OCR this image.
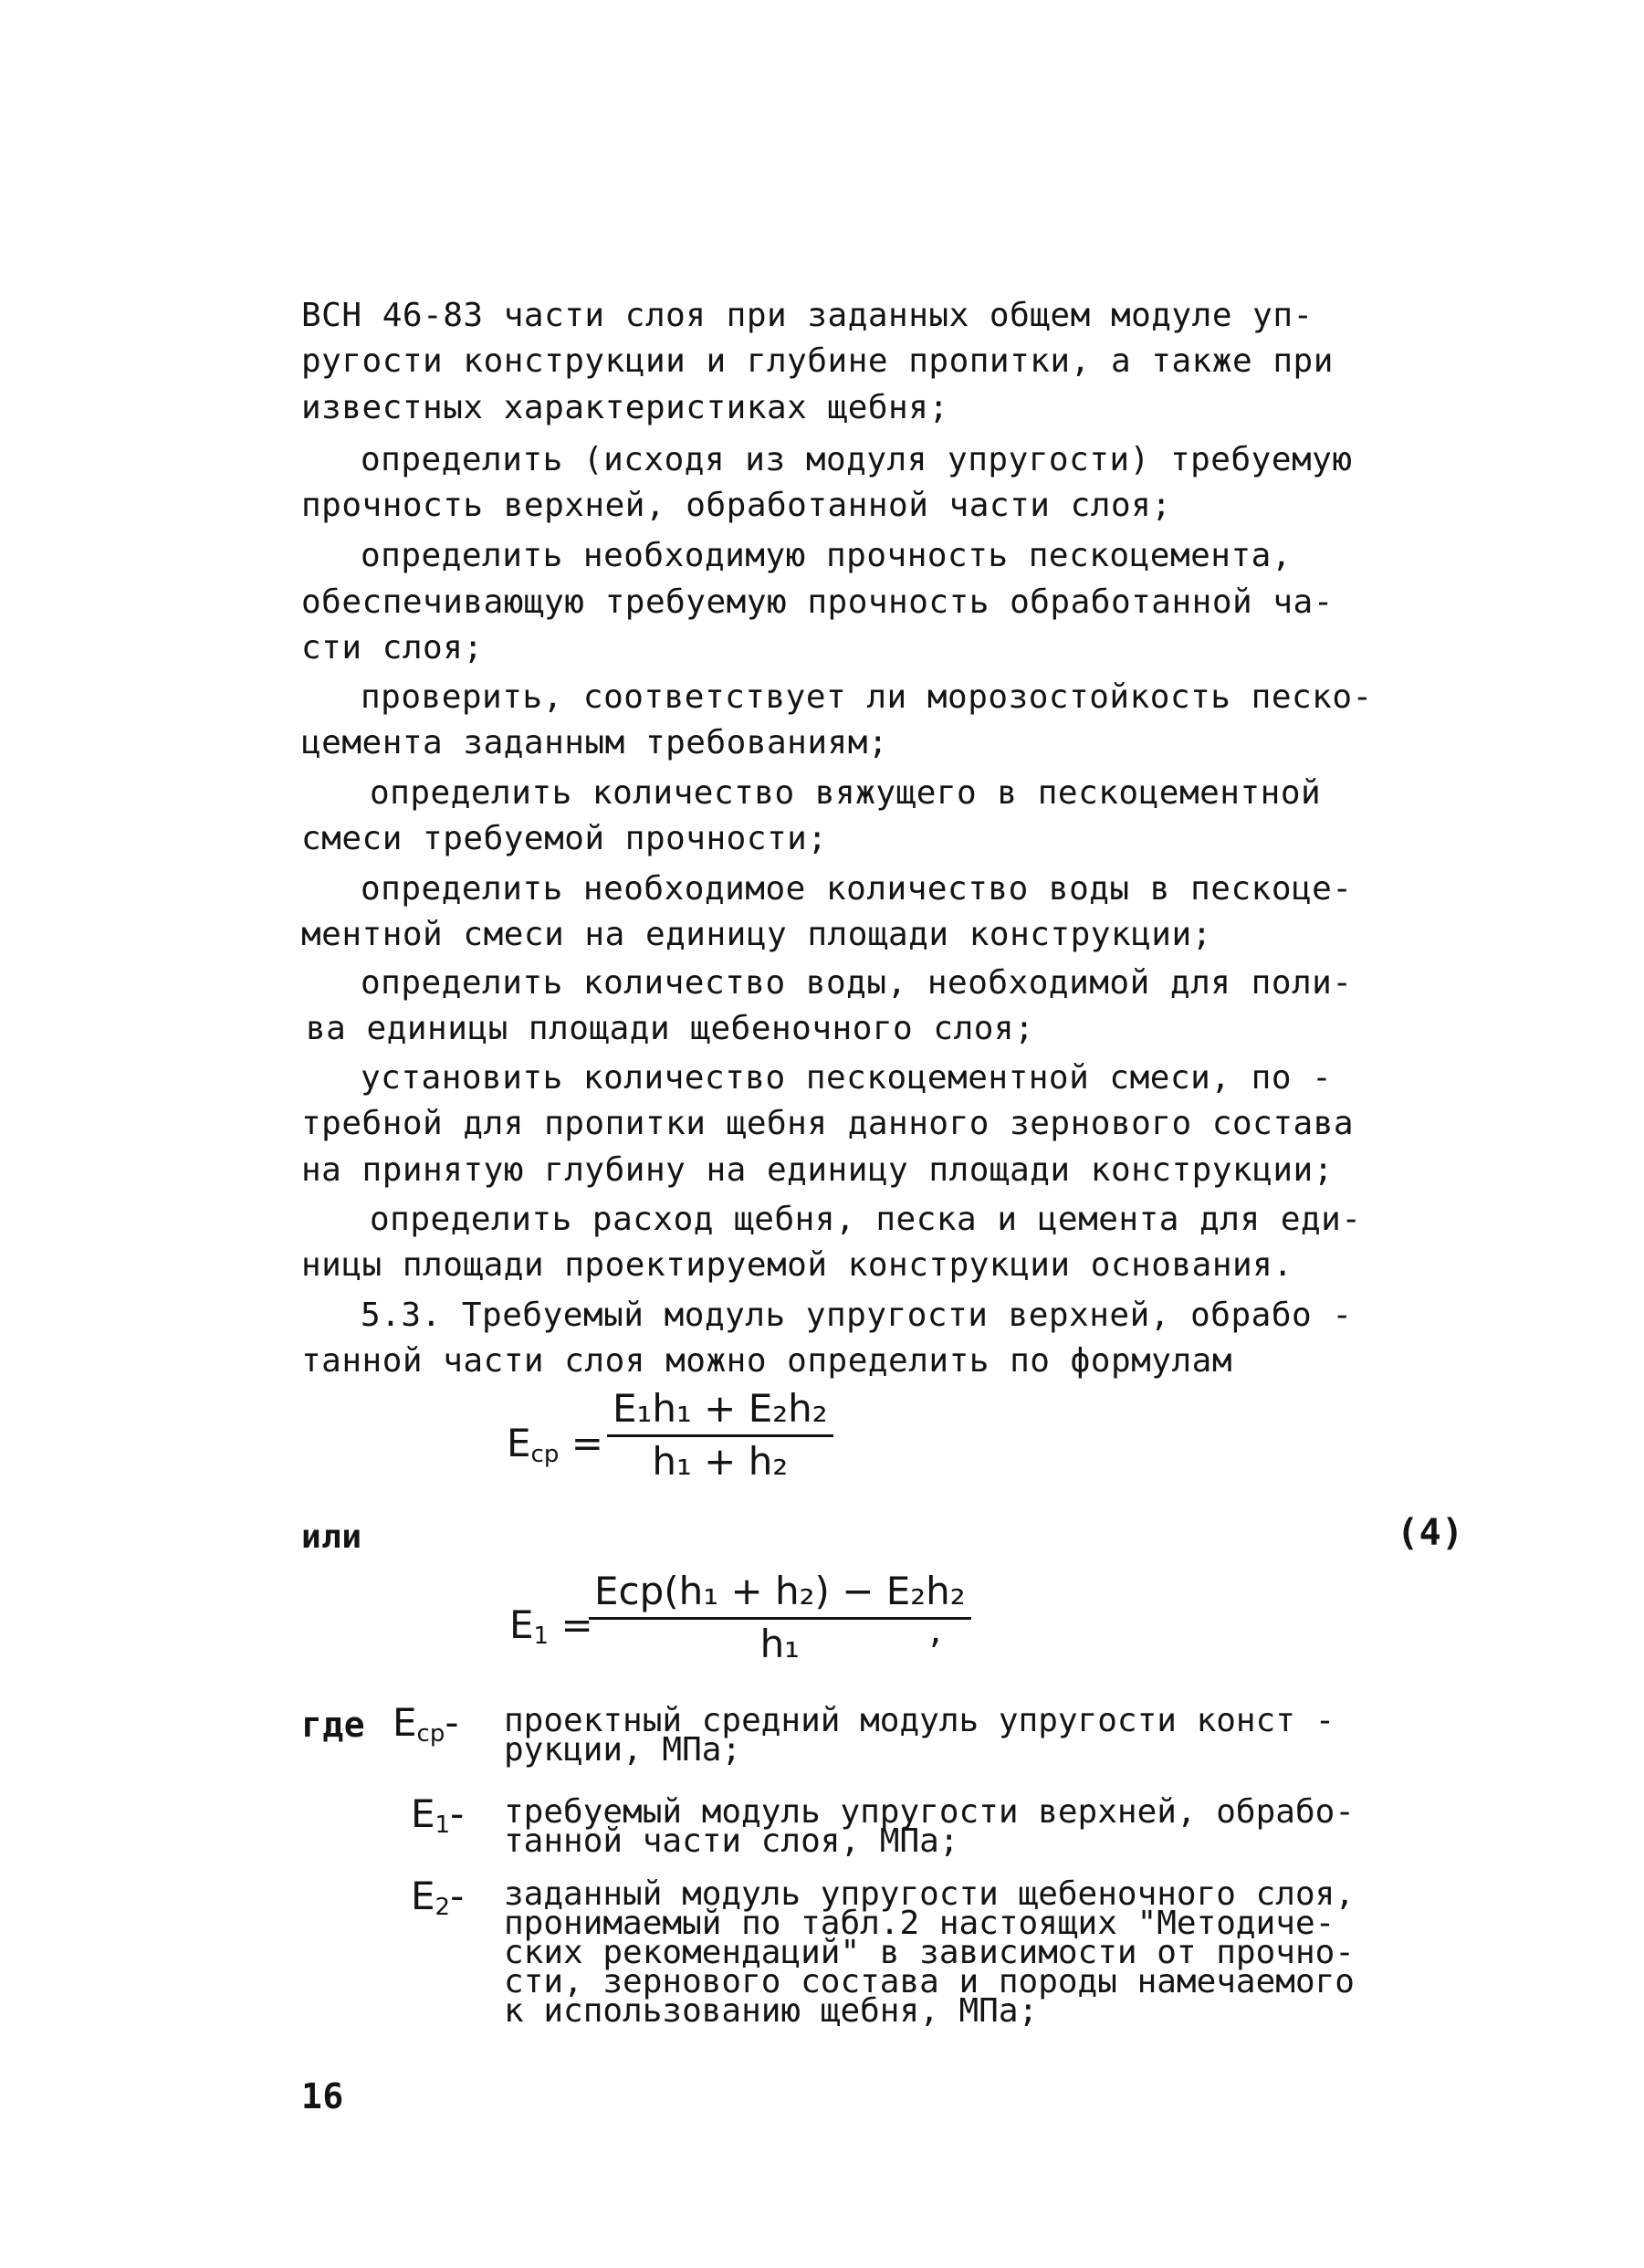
ВСН 46-83 части слоя при заданных общем модуле уп-
ругости конструкции и глубине пропитки, а также при
известных характеристиках щебня;
определить (исходя из модуля упругости) требуемую
прочность верхней, обработанной части слоя;
определить необходимую прочность пескоцемента,
обеспечивающую требуемую прочность обработанной ча-
сти слоя;
проверить, соответствует ли морозостойкость песко-
цемента заданным требованиям;
определить количество вяжущего в пескоцементной
смеси требуемой прочности;
определить необходимое количество воды в пескоце-
ментной смеси на единицу площади конструкции;
определить количество воды, необходимой для поли-
ва единицы площади щебеночного слоя;
установить количество пескоцементной смеси, по -
требной для пропитки щебня данного зернового состава
на принятую глубину на единицу площади конструкции;
определить расход щебня, песка и цемента для еди-
ницы площади проектируемой конструкции основания.
5.3. Требуемый модуль упругости верхней, обрабо -
танной части слоя можно определить по формулам
$E_{ср} = \frac{\text{E₁h₁ + E₂h₂}}{\text{h₁ + h₂}}$
или	(4)
$E_1$ =
Eср(h₁ + h₂) − E₂h₂
h₁	,
где $E_{ср}-$ проектный средний модуль упругости конст -
рукции, МПа;
$E_1-$ требуемый модуль упругости верхней, обрабо-
танной части слоя, МПа;
$E_2-$ заданный модуль упругости щебеночного слоя,
пронимаемый по табл.2 настоящих "Методиче-
ских рекомендаций" в зависимости от прочно-
сти, зернового состава и породы намечаемого
к использованию щебня, МПа;
16
